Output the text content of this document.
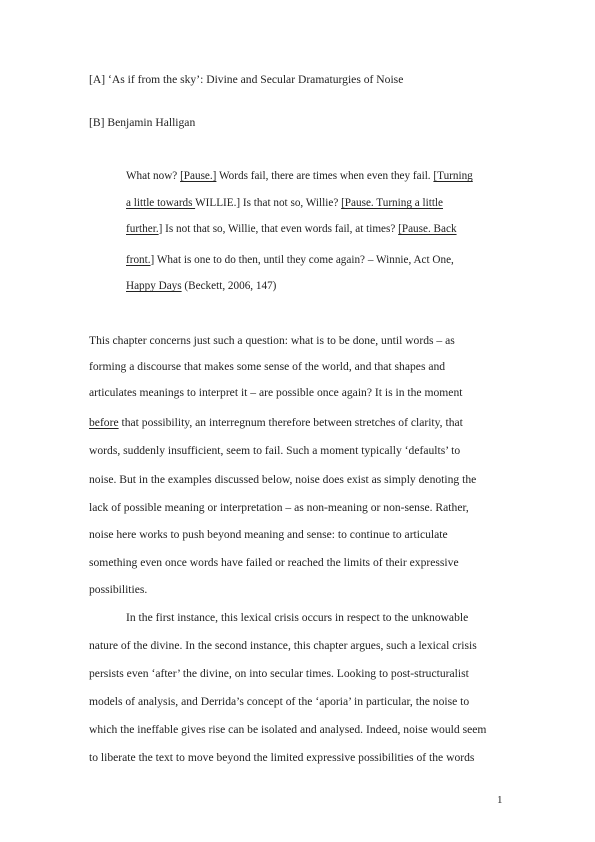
[A] ‘As if from the sky’: Divine and Secular Dramaturgies of Noise
[B] Benjamin Halligan
What now? [Pause.] Words fail, there are times when even they fail. [Turning
a little towards WILLIE.] Is that not so, Willie? [Pause. Turning a little
further.] Is not that so, Willie, that even words fail, at times? [Pause. Back
front.] What is one to do then, until they come again? – Winnie, Act One,
Happy Days (Beckett, 2006, 147)
This chapter concerns just such a question: what is to be done, until words – as
forming a discourse that makes some sense of the world, and that shapes and
articulates meanings to interpret it – are possible once again? It is in the moment
before that possibility, an interregnum therefore between stretches of clarity, that
words, suddenly insufficient, seem to fail. Such a moment typically ‘defaults’ to
noise. But in the examples discussed below, noise does exist as simply denoting the
lack of possible meaning or interpretation – as non-meaning or non-sense. Rather,
noise here works to push beyond meaning and sense: to continue to articulate
something even once words have failed or reached the limits of their expressive
possibilities.
In the first instance, this lexical crisis occurs in respect to the unknowable
nature of the divine. In the second instance, this chapter argues, such a lexical crisis
persists even ‘after’ the divine, on into secular times. Looking to post-structuralist
models of analysis, and Derrida’s concept of the ‘aporia’ in particular, the noise to
which the ineffable gives rise can be isolated and analysed. Indeed, noise would seem
to liberate the text to move beyond the limited expressive possibilities of the words
1
